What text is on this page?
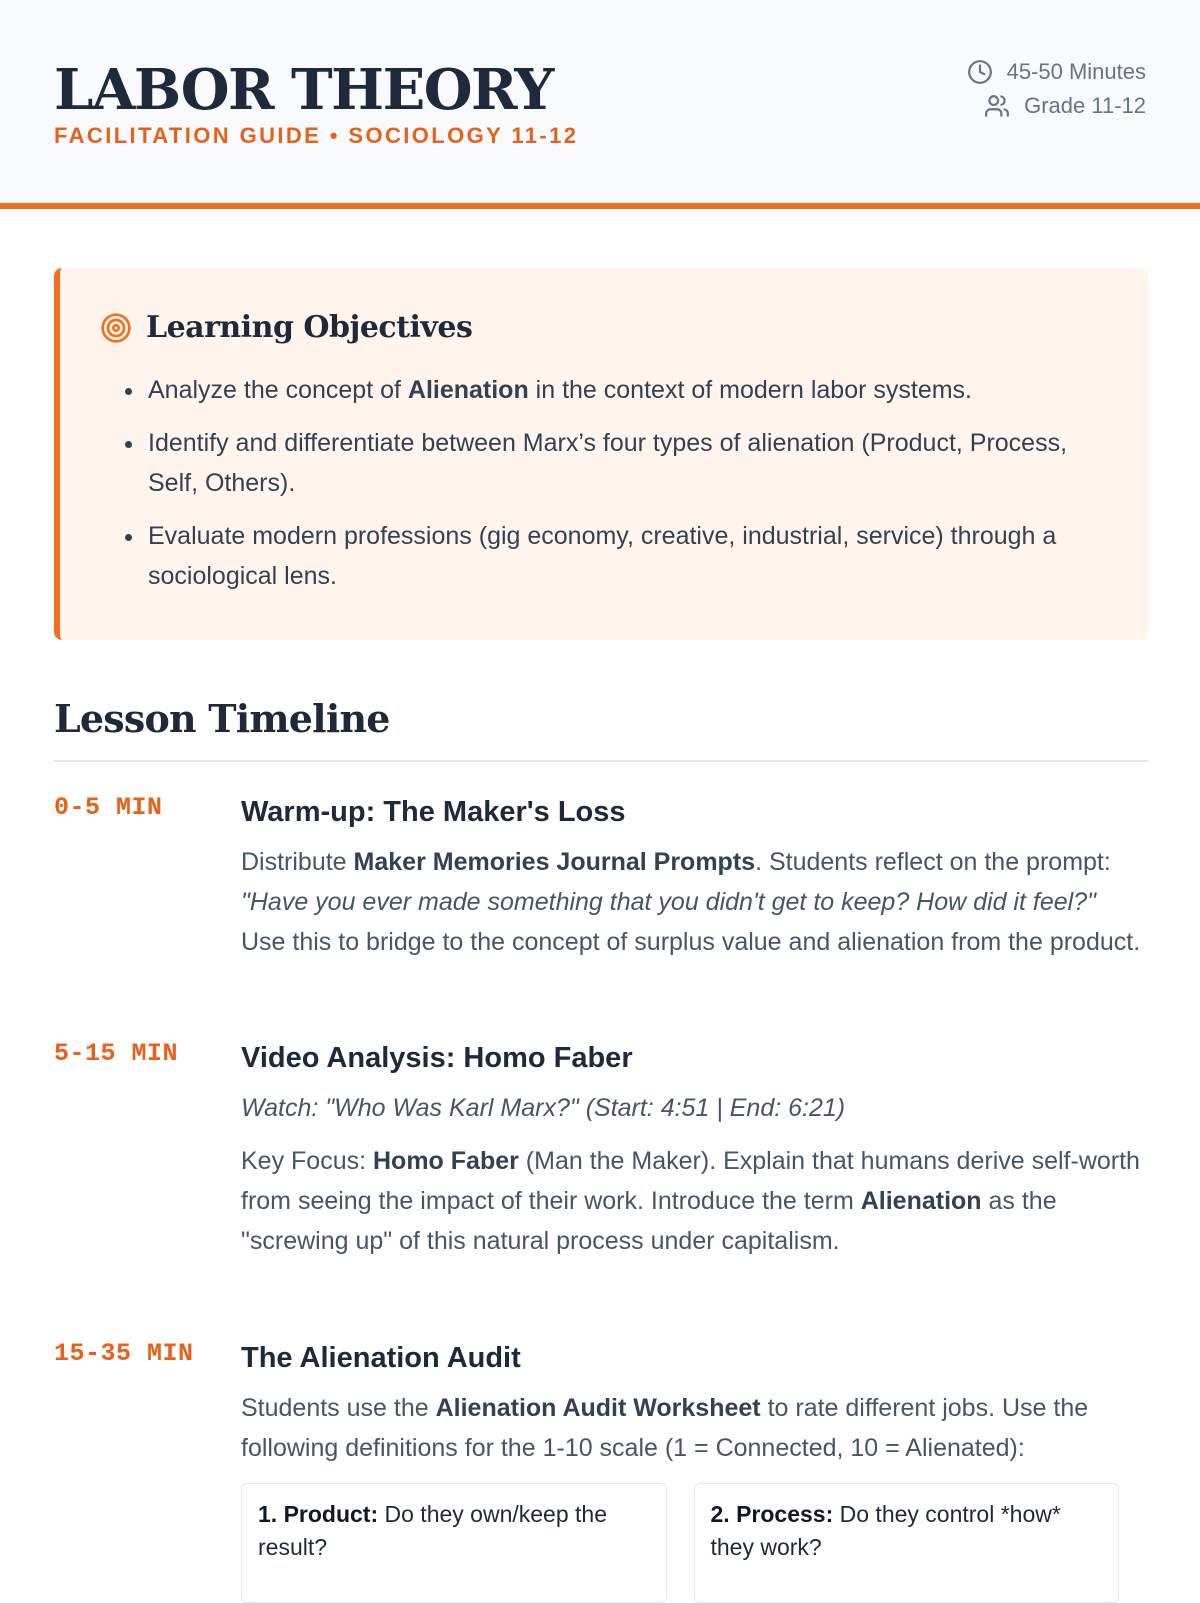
LABOR THEORY
FACILITATION GUIDE • SOCIOLOGY 11-12
45-50 Minutes
Grade 11-12
Learning Objectives
• Analyze the concept of Alienation in the context of modern labor systems.
• Identify and differentiate between Marx’s four types of alienation (Product, Process, Self, Others).
• Evaluate modern professions (gig economy, creative, industrial, service) through a sociological lens.
Lesson Timeline
0-5 MIN	Warm-up: The Maker's Loss

Distribute Maker Memories Journal Prompts. Students reflect on the prompt: "Have you ever made something that you didn't get to keep? How did it feel?" Use this to bridge to the concept of surplus value and alienation from the product.

5-15 MIN Video Analysis: Homo Faber

Watch: "Who Was Karl Marx?" (Start: 4:51 | End: 6:21)

Key Focus: Homo Faber (Man the Maker). Explain that humans derive self-worth from seeing the impact of their work. Introduce the term Alienation as the "screwing up" of this natural process under capitalism.

15-35 MIN The Alienation Audit

Students use the Alienation Audit Worksheet to rate different jobs. Use the following definitions for the 1-10 scale (1 = Connected, 10 = Alienated):

1. Product: Do they own/keep the result?
2. Process: Do they control *how* they work?
